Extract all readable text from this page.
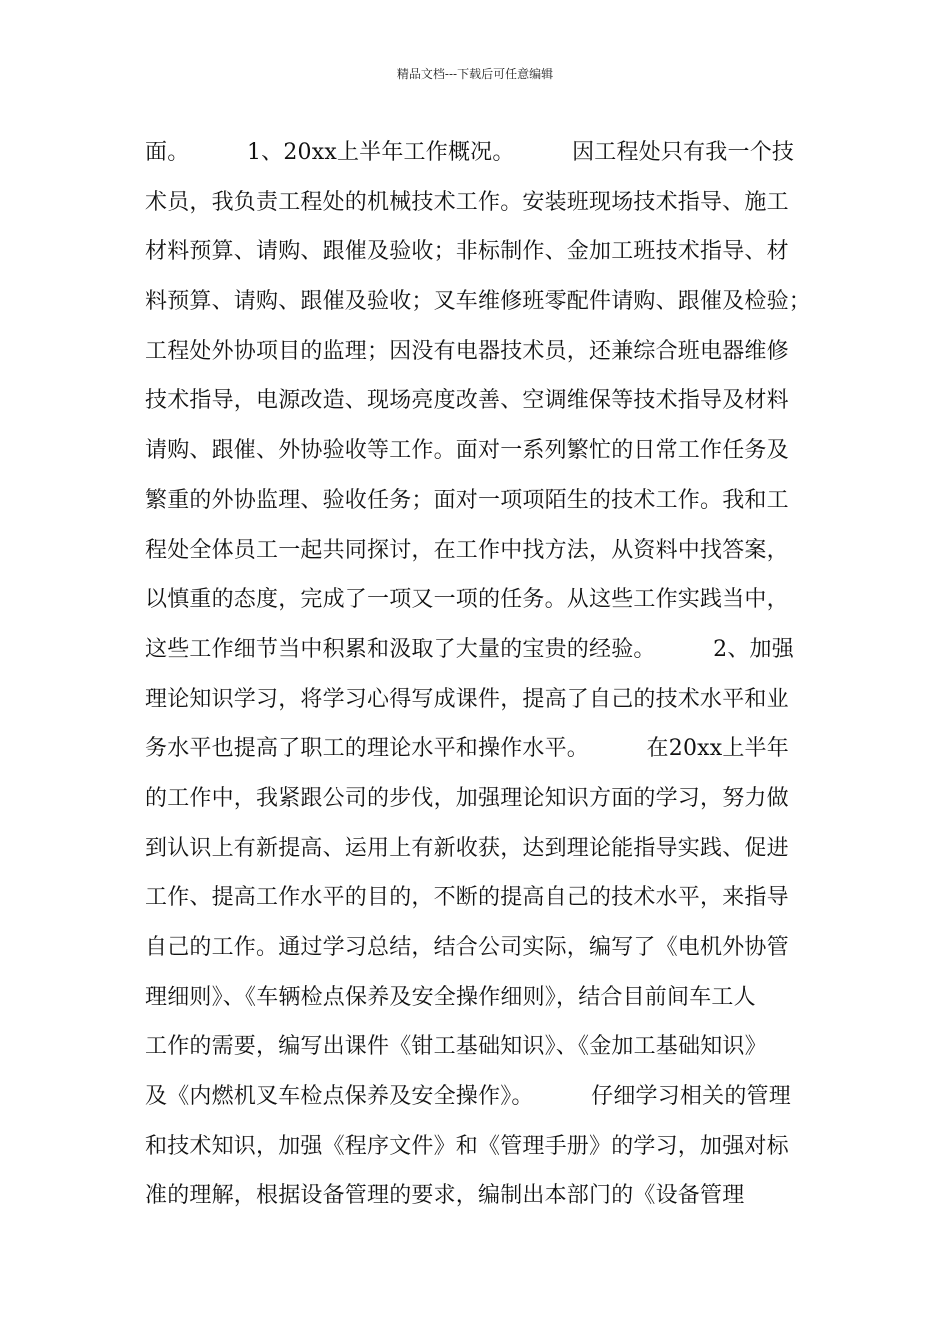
精品文档---下载后可任意编辑
面。        1、20xx上半年工作概况。        因工程处只有我一个技
术员，我负责工程处的机械技术工作。安装班现场技术指导、施工
材料预算、请购、跟催及验收；非标制作、金加工班技术指导、材
料预算、请购、跟催及验收；叉车维修班零配件请购、跟催及检验；
工程处外协项目的监理；因没有电器技术员，还兼综合班电器维修
技术指导，电源改造、现场亮度改善、空调维保等技术指导及材料
请购、跟催、外协验收等工作。面对一系列繁忙的日常工作任务及
繁重的外协监理、验收任务；面对一项项陌生的技术工作。我和工
程处全体员工一起共同探讨，在工作中找方法，从资料中找答案，
以慎重的态度，完成了一项又一项的任务。从这些工作实践当中，
这些工作细节当中积累和汲取了大量的宝贵的经验。        2、加强
理论知识学习，将学习心得写成课件，提高了自己的技术水平和业
务水平也提高了职工的理论水平和操作水平。        在20xx上半年
的工作中，我紧跟公司的步伐，加强理论知识方面的学习，努力做
到认识上有新提高、运用上有新收获，达到理论能指导实践、促进
工作、提高工作水平的目的，不断的提高自己的技术水平，来指导
自己的工作。通过学习总结，结合公司实际，编写了《电机外协管
理细则》、《车辆检点保养及安全操作细则》，结合目前间车工人
工作的需要，编写出课件《钳工基础知识》、《金加工基础知识》
及《内燃机叉车检点保养及安全操作》。        仔细学习相关的管理
和技术知识，加强《程序文件》和《管理手册》的学习，加强对标
准的理解，根据设备管理的要求，编制出本部门的《设备管理
